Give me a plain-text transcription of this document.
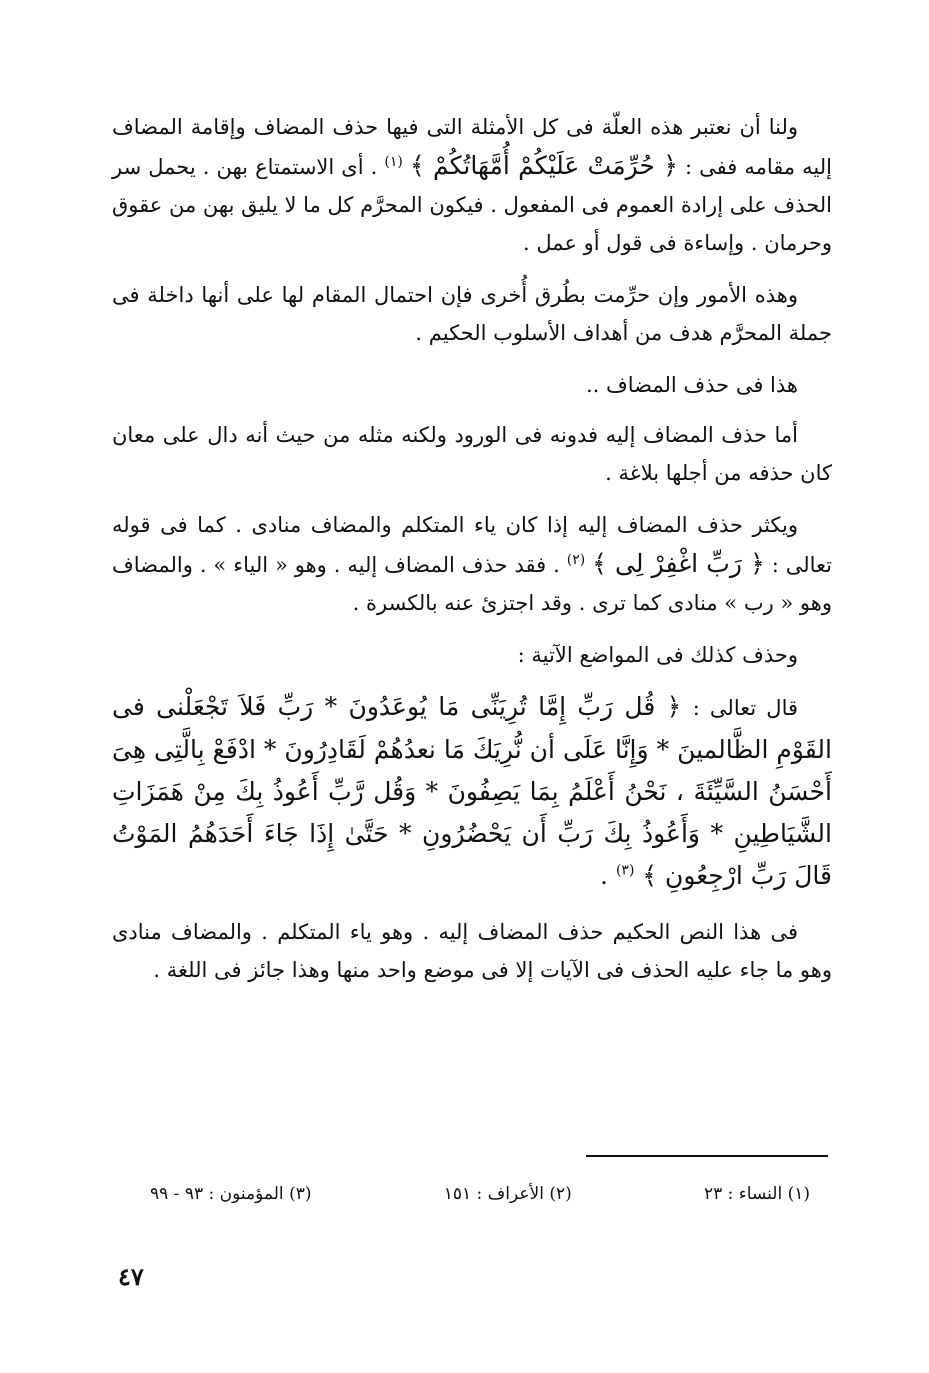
ولنا أن نعتبر هذه العلّة فى كل الأمثلة التى فيها حذف المضاف وإقامة المضاف إليه مقامه ففى : ﴿ حُرِّمَتْ عَلَيْكُمْ أُمَّهَاتُكُمْ ﴾ $^{(١)}$ . أى الاستمتاع بهن . يحمل سر الحذف على إرادة العموم فى المفعول . فيكون المحرَّم كل ما لا يليق بهن من عقوق وحرمان . وإساءة فى قول أو عمل .

وهذه الأمور وإن حرِّمت بطُرق أُخرى فإن احتمال المقام لها على أنها داخلة فى جملة المحرَّم هدف من أهداف الأسلوب الحكيم .

هذا فى حذف المضاف ..

أما حذف المضاف إليه فدونه فى الورود ولكنه مثله من حيث أنه دال على معان كان حذفه من أجلها بلاغة .

ويكثر حذف المضاف إليه إذا كان ياء المتكلم والمضاف منادى . كما فى قوله تعالى : ﴿ رَبِّ اغْفِرْ لِى ﴾ $^{(٢)}$ . فقد حذف المضاف إليه . وهو « الياء » . والمضاف وهو « رب » منادى كما ترى . وقد اجتزئ عنه بالكسرة .

وحذف كذلك فى المواضع الآتية :

قال تعالى : ﴿ قُل رَبِّ إِمَّا تُرِيَنِّى مَا يُوعَدُونَ * رَبِّ فَلاَ تَجْعَلْنى فى القَوْمِ الظَّالمينَ * وَإِنَّا عَلَى أن نُّرِيَكَ مَا نعدُهُمْ لَقَادِرُونَ * ادْفَعْ بِالَّتِى هِىَ أَحْسَنُ السَّيِّئَةَ ، نَحْنُ أَعْلَمُ بِمَا يَصِفُونَ * وَقُل رَّبِّ أَعُوذُ بِكَ مِنْ هَمَزَاتِ الشَّيَاطِينِ * وَأَعُوذُ بِكَ رَبِّ أَن يَحْضُرُونِ * حَتَّىٰ إِذَا جَاءَ أَحَدَهُمُ المَوْتُ قَالَ رَبِّ ارْجِعُونِ ﴾ $^{(٣)}$ .

فى هذا النص الحكيم حذف المضاف إليه . وهو ياء المتكلم . والمضاف منادى وهو ما جاء عليه الحذف فى الآيات إلا فى موضع واحد منها وهذا جائز فى اللغة .

(١) النساء : ٢٣
(٢) الأعراف : ١٥١
(٣) المؤمنون : ٩٣ - ٩٩
٤٧
